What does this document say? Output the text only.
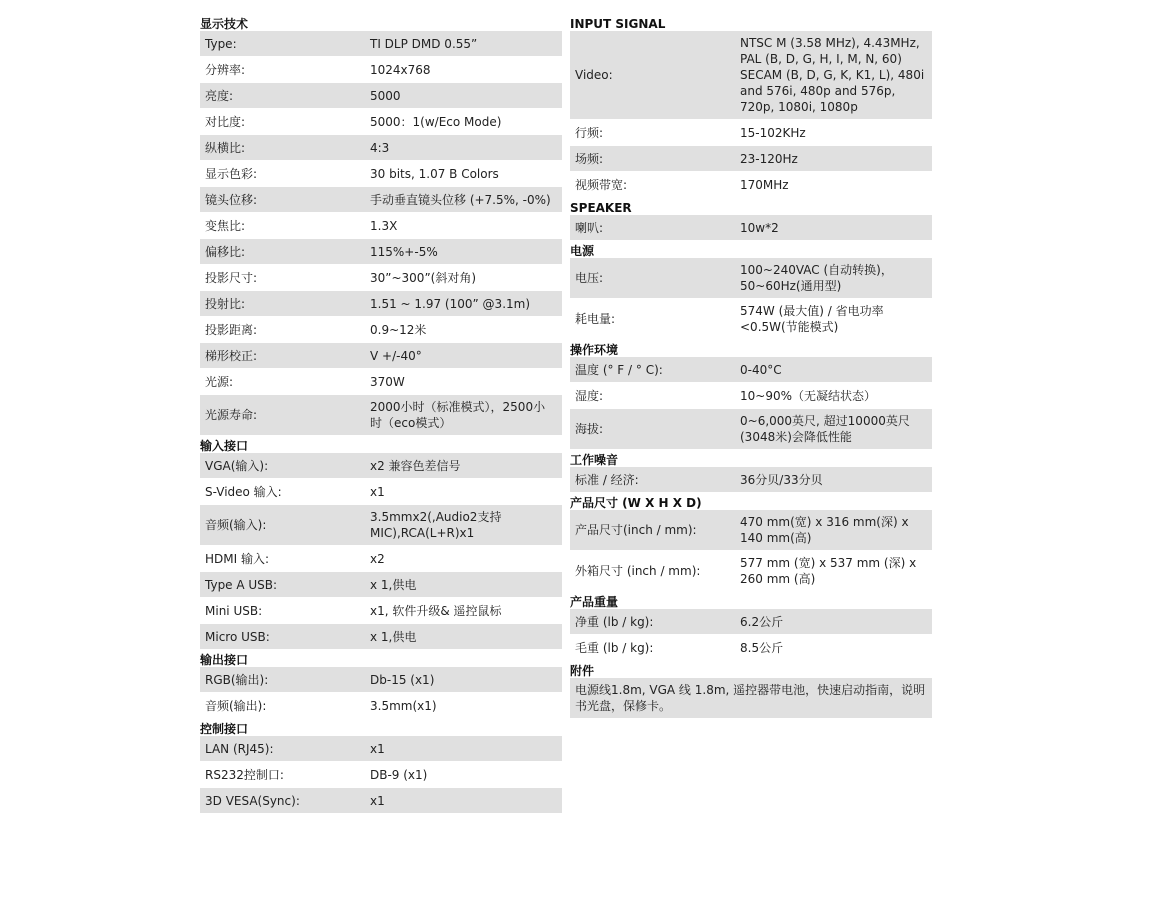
显示技术
Type:	TI DLP DMD 0.55”
分辨率:	1024x768
亮度:	5000
对比度:	5000：1(w/Eco Mode)
纵横比:	4:3
显示色彩:	30 bits, 1.07 B Colors
镜头位移:	手动垂直镜头位移 (+7.5%, -0%)
变焦比:	1.3X
偏移比:	115%+-5%
投影尺寸:	30”~300”(斜对角)
投射比:	1.51 ~ 1.97 (100” @3.1m)
投影距离:	0.9~12米
梯形校正:	V +/-40°
光源:	370W
光源寿命:
2000小时（标准模式），2500小时（eco模式）
输入接口
VGA(输入):	x2 兼容色差信号
S-Video 输入:	x1
音频(输入):
3.5mmx2(,Audio2支持MIC),RCA(L+R)x1
HDMI 输入:	x2
Type A USB:	x 1,供电
Mini USB:	x1, 软件升级& 遥控鼠标
Micro USB:	x 1,供电
输出接口
RGB(输出):	Db-15 (x1)
音频(输出):	3.5mm(x1)
控制接口
LAN (RJ45):	x1
RS232控制口:	DB-9 (x1)
3D VESA(Sync):	x1
INPUT SIGNAL
Video:
NTSC M (3.58 MHz), 4.43MHz, PAL (B, D, G, H, I, M, N, 60) SECAM (B, D, G, K, K1, L), 480i and 576i, 480p and 576p, 720p, 1080i, 1080p
行频:	15-102KHz
场频:	23-120Hz
视频带宽:	170MHz
SPEAKER
喇叭:	10w*2
电源
电压:
100~240VAC (自动转换)，50~60Hz(通用型)
耗电量:
574W (最大值) / 省电功率 <0.5W(节能模式)
操作环境
温度 (° F / ° C):	0-40°C
湿度:	10~90%（无凝结状态）
海拔:
0~6,000英尺, 超过10000英尺(3048米)会降低性能
工作噪音
标准 / 经济:	36分贝/33分贝
产品尺寸 (W X H X D)
产品尺寸(inch / mm):
470 mm(宽) x 316 mm(深) x 140 mm(高)
外箱尺寸 (inch / mm):
577 mm (宽) x 537 mm (深) x 260 mm (高)
产品重量
净重 (lb / kg):	6.2公斤
毛重 (lb / kg):	8.5公斤
附件
电源线1.8m, VGA 线 1.8m, 遥控器带电池，快速启动指南，说明书光盘，保修卡。
